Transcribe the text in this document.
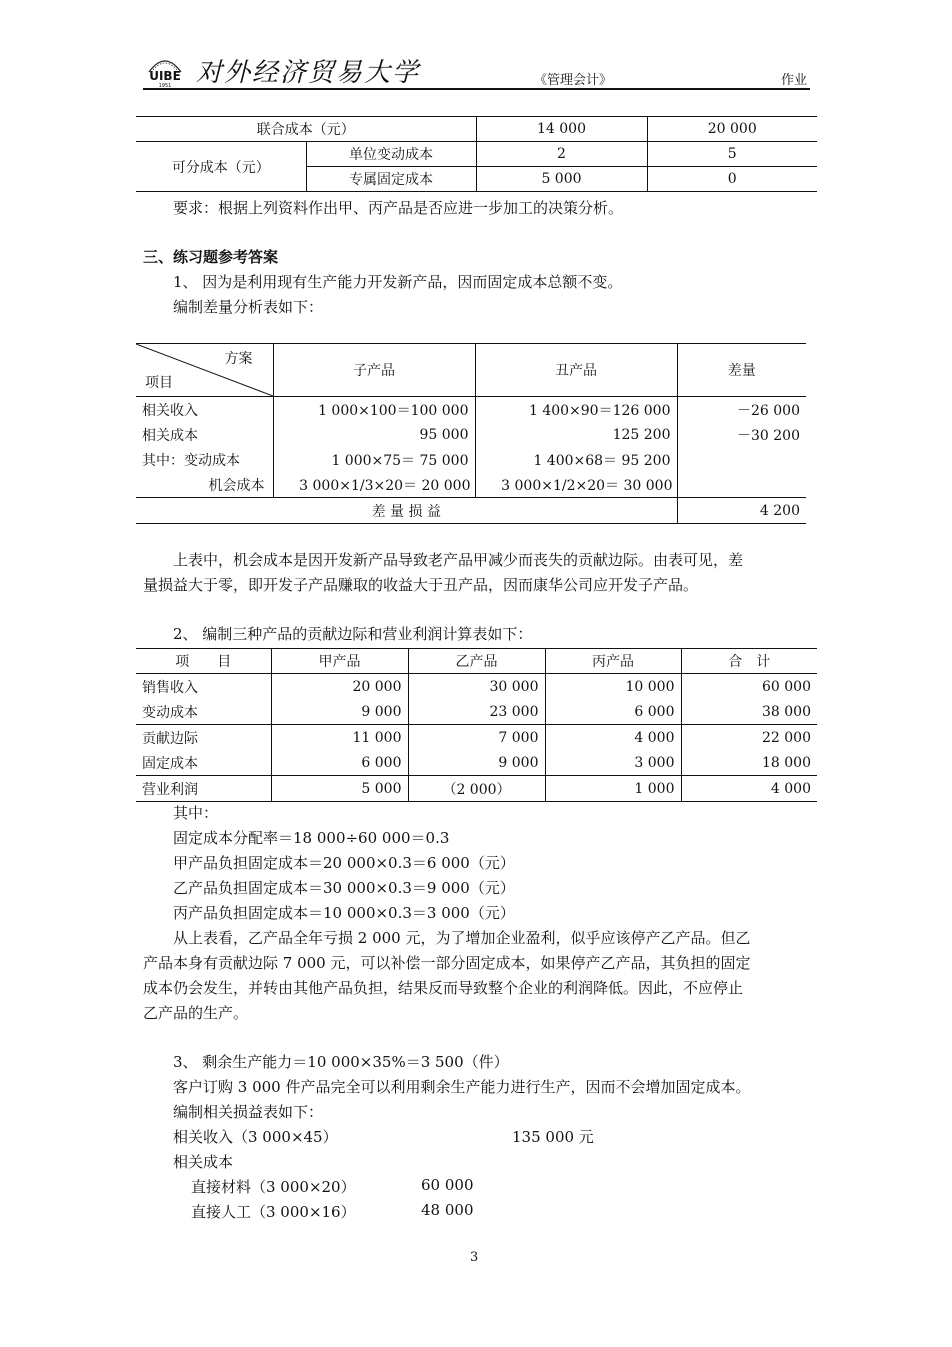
UIBE
1951 对外经济贸易大学	《管理会计》	作业
联合成本（元）		14 000	20 000
可分成本（元）	单位变动成本	2	5
	专属固定成本	5 000	0
要求：根据上列资料作出甲、丙产品是否应进一步加工的决策分析。
三、练习题参考答案
1、 因为是利用现有生产能力开发新产品，因而固定成本总额不变。
编制差量分析表如下：
方案
项目	子产品	丑产品	差量
相关收入	1 000×100＝100 000	1 400×90＝126 000	－26 000
相关成本	95 000	125 200	－30 200
其中：变动成本	1 000×75＝ 75 000	1 400×68＝ 95 200	
机会成本	3 000×1/3×20＝ 20 000	3 000×1/2×20＝ 30 000	
差 量 损 益			4 200
上表中，机会成本是因开发新产品导致老产品甲减少而丧失的贡献边际。由表可见，差
量损益大于零，即开发子产品赚取的收益大于丑产品，因而康华公司应开发子产品。
2、 编制三种产品的贡献边际和营业利润计算表如下：
项　　目	甲产品	乙产品	丙产品	合　计
销售收入	20 000	30 000	10 000	60 000
变动成本	9 000	23 000	6 000	38 000
贡献边际	11 000	7 000	4 000	22 000
固定成本	6 000	9 000	3 000	18 000
营业利润	5 000	（2 000）	1 000	4 000
其中：
固定成本分配率＝18 000÷60 000＝0.3
甲产品负担固定成本＝20 000×0.3＝6 000（元）
乙产品负担固定成本＝30 000×0.3＝9 000（元）
丙产品负担固定成本＝10 000×0.3＝3 000（元）
从上表看，乙产品全年亏损 2 000 元，为了增加企业盈利，似乎应该停产乙产品。但乙
产品本身有贡献边际 7 000 元，可以补偿一部分固定成本，如果停产乙产品，其负担的固定
成本仍会发生，并转由其他产品负担，结果反而导致整个企业的利润降低。因此，不应停止
乙产品的生产。
3、 剩余生产能力＝10 000×35%＝3 500（件）
客户订购 3 000 件产品完全可以利用剩余生产能力进行生产，因而不会增加固定成本。
编制相关损益表如下：
相关收入（3 000×45）	135 000 元
相关成本
直接材料（3 000×20）	60 000
直接人工（3 000×16）	48 000
3
